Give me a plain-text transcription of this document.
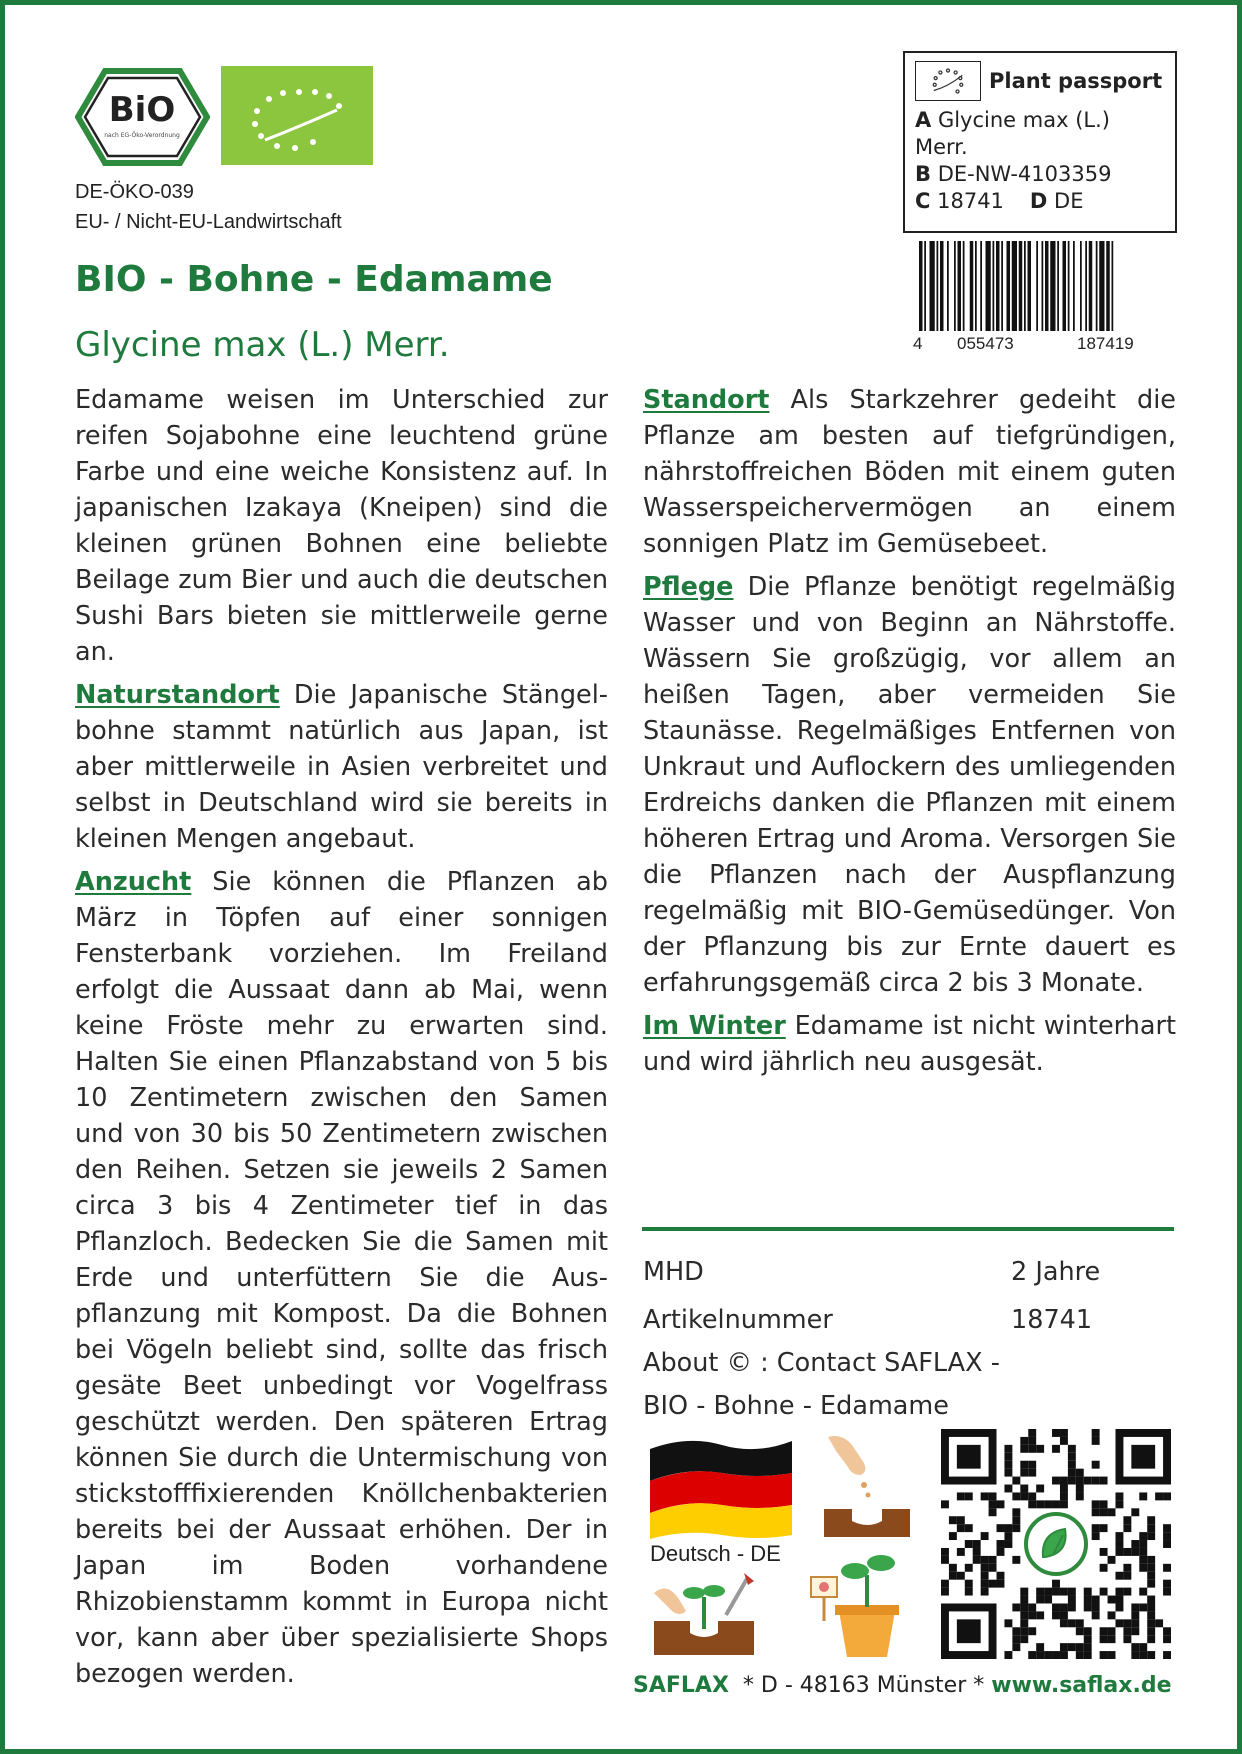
BiO
nach EG-Öko-Verordnung
DE-ÖKO-039
EU- / Nicht-EU-Landwirtschaft
Plant passport
A Glycine max (L.) Merr.
B DE-NW-4103359
C 18741 D DE
4 055473	187419
BIO - Bohne - Edamame
Glycine max (L.) Merr.

Edamame weisen im Unterschied zur reifen Sojabohne eine leuchtend grüne Farbe und eine weiche Konsistenz auf. In japanischen Izakaya (Kneipen) sind die kleinen grünen Bohnen eine beliebte Beilage zum Bier und auch die deutschen Sushi Bars bieten sie mittlerweile gerne an.

Naturstandort Die Japanische Stängelbohne stammt natürlich aus Japan, ist aber mittlerweile in Asien verbreitet und selbst in Deutschland wird sie bereits in kleinen Mengen angebaut.

Anzucht Sie können die Pflanzen ab März in Töpfen auf einer sonnigen Fensterbank vorziehen. Im Freiland erfolgt die Aussaat dann ab Mai, wenn keine Fröste mehr zu erwarten sind. Halten Sie einen Pflanzabstand von 5 bis 10 Zentimetern zwischen den Samen und von 30 bis 50 Zentimetern zwischen den Reihen. Setzen sie jeweils 2 Samen circa 3 bis 4 Zentimeter tief in das Pflanzloch. Bedecken Sie die Samen mit Erde und unterfüttern Sie die Auspflanzung mit Kompost. Da die Bohnen bei Vögeln beliebt sind, sollte das frisch gesäte Beet unbedingt vor Vogelfrass geschützt werden. Den späteren Ertrag können Sie durch die Untermischung von stickstofffixierenden Knöllchenbakterien bereits bei der Aussaat erhöhen. Der in Japan im Boden vorhandene Rhizobienstamm kommt in Europa nicht vor, kann aber über spezialisierte Shops bezogen werden.

Standort Als Starkzehrer gedeiht die Pflanze am besten auf tiefgründigen, nährstoffreichen Böden mit einem guten Wasserspeichervermögen an einem sonnigen Platz im Gemüsebeet.

Pflege Die Pflanze benötigt regelmäßig Wasser und von Beginn an Nährstoffe. Wässern Sie großzügig, vor allem an heißen Tagen, aber vermeiden Sie Staunässe. Regelmäßiges Entfernen von Unkraut und Auflockern des umliegenden Erdreichs danken die Pflanzen mit einem höheren Ertrag und Aroma. Versorgen Sie die Pflanzen nach der Auspflanzung regelmäßig mit BIO-Gemüsedünger. Von der Pflanzung bis zur Ernte dauert es erfahrungsgemäß circa 2 bis 3 Monate.

Im Winter Edamame ist nicht winterhart und wird jährlich neu ausgesät.

MHD	2 Jahre
Artikelnummer	18741
About © : Contact SAFLAX -
BIO - Bohne - Edamame
Deutsch - DE
SAFLAX  * D - 48163 Münster * www.saflax.de
